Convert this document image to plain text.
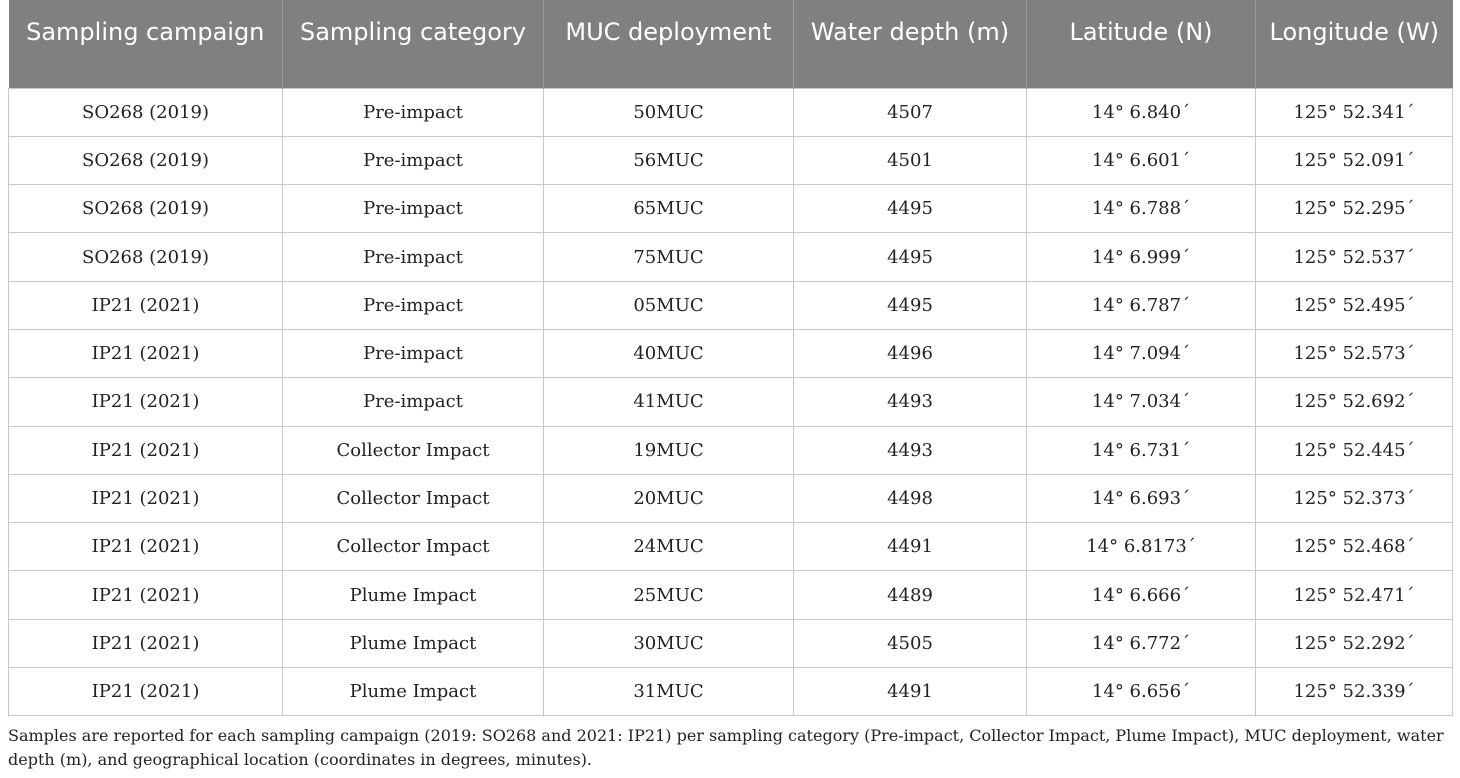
Sampling campaign	Sampling category	MUC deployment	Water depth (m)	Latitude (N)	Longitude (W)
SO268 (2019)	Pre-impact	50MUC	4507	14° 6.840´	125° 52.341´
SO268 (2019)	Pre-impact	56MUC	4501	14° 6.601´	125° 52.091´
SO268 (2019)	Pre-impact	65MUC	4495	14° 6.788´	125° 52.295´
SO268 (2019)	Pre-impact	75MUC	4495	14° 6.999´	125° 52.537´
IP21 (2021)	Pre-impact	05MUC	4495	14° 6.787´	125° 52.495´
IP21 (2021)	Pre-impact	40MUC	4496	14° 7.094´	125° 52.573´
IP21 (2021)	Pre-impact	41MUC	4493	14° 7.034´	125° 52.692´
IP21 (2021)	Collector Impact	19MUC	4493	14° 6.731´	125° 52.445´
IP21 (2021)	Collector Impact	20MUC	4498	14° 6.693´	125° 52.373´
IP21 (2021)	Collector Impact	24MUC	4491	14° 6.8173´	125° 52.468´
IP21 (2021)	Plume Impact	25MUC	4489	14° 6.666´	125° 52.471´
IP21 (2021)	Plume Impact	30MUC	4505	14° 6.772´	125° 52.292´
IP21 (2021)	Plume Impact	31MUC	4491	14° 6.656´	125° 52.339´
Samples are reported for each sampling campaign (2019: SO268 and 2021: IP21) per sampling category (Pre-impact, Collector Impact, Plume Impact), MUC deployment, water depth (m), and geographical location (coordinates in degrees, minutes).
